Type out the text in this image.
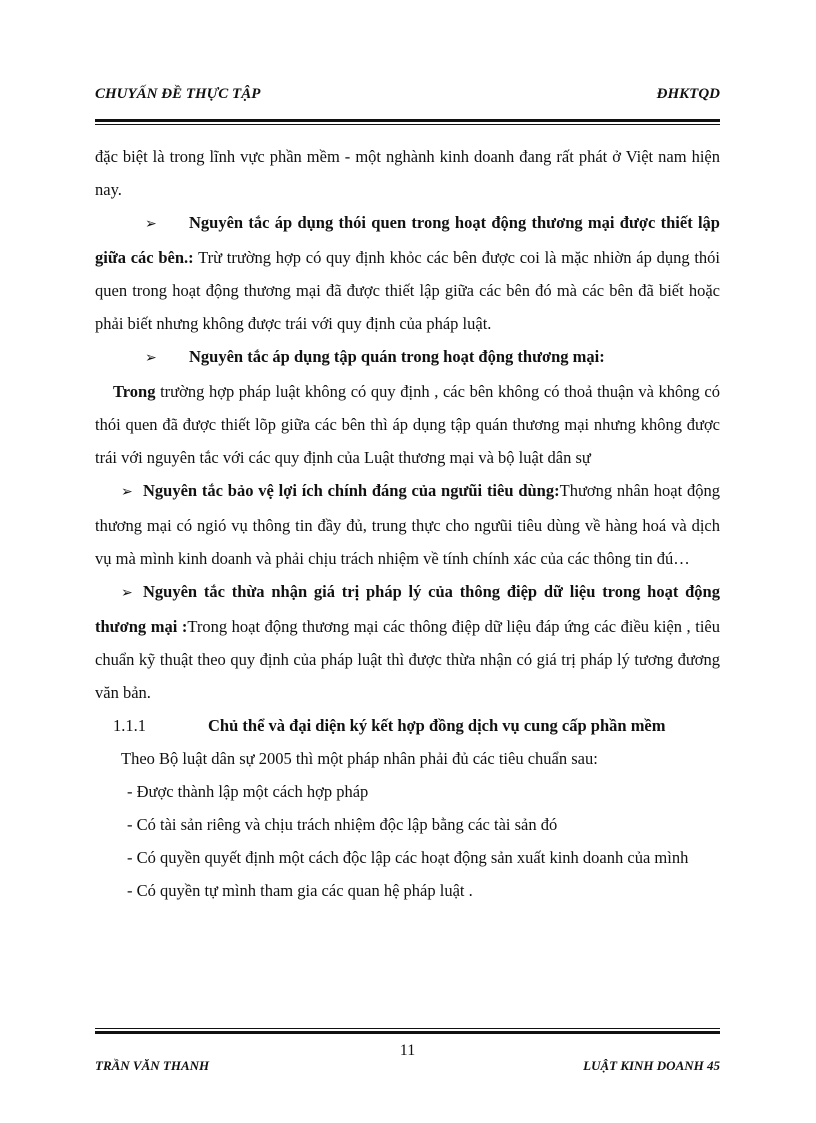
CHUYẤN ĐỀ THỰC TẬP	ĐHKTQD

đặc biệt là trong lĩnh vực phần mềm - một nghành kinh doanh đang rất phát ở Việt nam hiện nay.

➢ Nguyên tắc áp dụng thói quen trong hoạt động thương mại được thiết lập giữa các bên.: Trừ trường hợp có quy định khỏc các bên được coi là mặc nhiờn áp dụng thói quen trong hoạt động thương mại đã được thiết lập giữa các bên đó mà các bên đã biết hoặc phải biết nhưng không được trái với quy định của pháp luật.

➢ Nguyên tắc áp dụng tập quán trong hoạt động thương mại:

Trong trường hợp pháp luật không có quy định , các bên không có thoả thuận và không có thói quen đã được thiết lõp giữa các bên thì áp dụng tập quán thương mại nhưng không được trái với nguyên tắc với các quy định của Luật thương mại và bộ luật dân sự

➢ Nguyên tắc bảo vệ lợi ích chính đáng của ngưũi tiêu dùng:Thương nhân hoạt động thương mại có ngió vụ thông tin đầy đủ, trung thực cho ngưũi tiêu dùng về hàng hoá và dịch vụ mà mình kinh doanh và phải chịu trách nhiệm về tính chính xác của các thông tin đú…

➢ Nguyên tắc thừa nhận giá trị pháp lý của thông điệp dữ liệu trong hoạt động thương mại :Trong hoạt động thương mại các thông điệp dữ liệu đáp ứng các điều kiện , tiêu chuẩn kỹ thuật theo quy định của pháp luật thì được thừa nhận có giá trị pháp lý tương đương văn bản.

1.1.1	Chủ thể và đại diện ký kết hợp đồng dịch vụ cung cấp phần mềm

Theo Bộ luật dân sự 2005 thì một pháp nhân phải đủ các tiêu chuẩn sau:

- Được thành lập một cách hợp pháp

- Có tài sản riêng và chịu trách nhiệm độc lập bằng các tài sản đó

- Có quyền quyết định một cách độc lập các hoạt động sản xuất kinh doanh của mình

- Có quyền tự mình tham gia các quan hệ pháp luật .

11
TRẦN VĂN THANH	LUẬT KINH DOANH 45
